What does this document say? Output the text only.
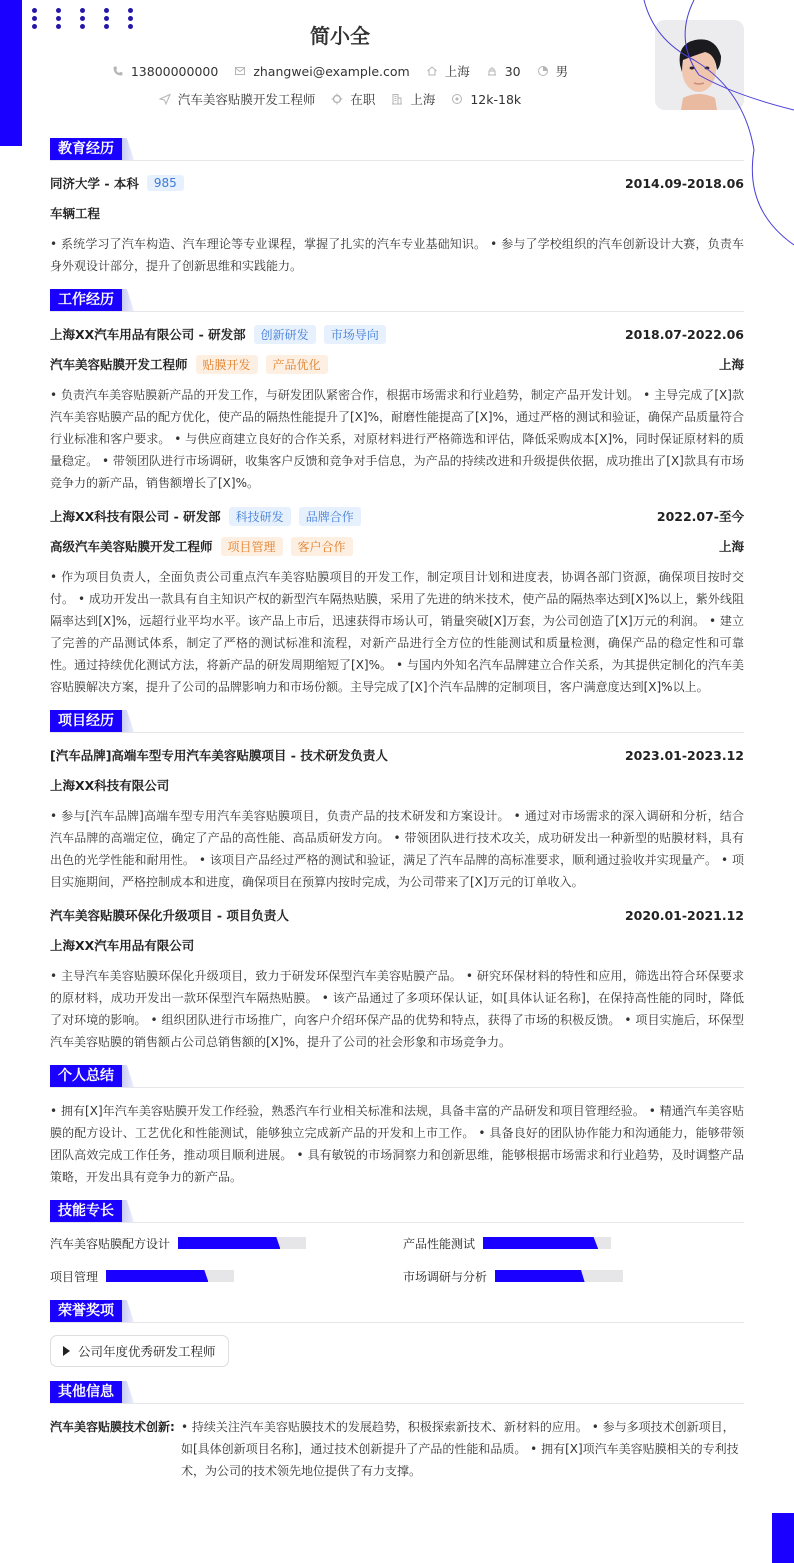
简小全
13800000000	zhangwei@example.com	上海	30	男
汽车美容贴膜开发工程师	在职	上海	12k-18k
教育经历
同济大学 - 本科	985	2014.09-2018.06
车辆工程
• 系统学习了汽车构造、汽车理论等专业课程，掌握了扎实的汽车专业基础知识。 • 参与了学校组织的汽车创新设计大赛，负责车身外观设计部分，提升了创新思维和实践能力。
工作经历
上海XX汽车用品有限公司 - 研发部	创新研发	市场导向	2018.07-2022.06
汽车美容贴膜开发工程师	贴膜开发	产品优化	上海
• 负责汽车美容贴膜新产品的开发工作，与研发团队紧密合作，根据市场需求和行业趋势，制定产品开发计划。 • 主导完成了[X]款汽车美容贴膜产品的配方优化，使产品的隔热性能提升了[X]%，耐磨性能提高了[X]%，通过严格的测试和验证，确保产品质量符合行业标准和客户要求。 • 与供应商建立良好的合作关系，对原材料进行严格筛选和评估，降低采购成本[X]%，同时保证原材料的质量稳定。 • 带领团队进行市场调研，收集客户反馈和竞争对手信息，为产品的持续改进和升级提供依据，成功推出了[X]款具有市场竞争力的新产品，销售额增长了[X]%。
上海XX科技有限公司 - 研发部	科技研发	品牌合作	2022.07-至今
高级汽车美容贴膜开发工程师	项目管理	客户合作	上海
• 作为项目负责人，全面负责公司重点汽车美容贴膜项目的开发工作，制定项目计划和进度表，协调各部门资源，确保项目按时交付。 • 成功开发出一款具有自主知识产权的新型汽车隔热贴膜，采用了先进的纳米技术，使产品的隔热率达到[X]%以上，紫外线阻隔率达到[X]%，远超行业平均水平。该产品上市后，迅速获得市场认可，销量突破[X]万套，为公司创造了[X]万元的利润。 • 建立了完善的产品测试体系，制定了严格的测试标准和流程，对新产品进行全方位的性能测试和质量检测，确保产品的稳定性和可靠性。通过持续优化测试方法，将新产品的研发周期缩短了[X]%。 • 与国内外知名汽车品牌建立合作关系，为其提供定制化的汽车美容贴膜解决方案，提升了公司的品牌影响力和市场份额。主导完成了[X]个汽车品牌的定制项目，客户满意度达到[X]%以上。
项目经历
[汽车品牌]高端车型专用汽车美容贴膜项目 - 技术研发负责人	2023.01-2023.12
上海XX科技有限公司
• 参与[汽车品牌]高端车型专用汽车美容贴膜项目，负责产品的技术研发和方案设计。 • 通过对市场需求的深入调研和分析，结合汽车品牌的高端定位，确定了产品的高性能、高品质研发方向。 • 带领团队进行技术攻关，成功研发出一种新型的贴膜材料，具有出色的光学性能和耐用性。 • 该项目产品经过严格的测试和验证，满足了汽车品牌的高标准要求，顺利通过验收并实现量产。 • 项目实施期间，严格控制成本和进度，确保项目在预算内按时完成，为公司带来了[X]万元的订单收入。
汽车美容贴膜环保化升级项目 - 项目负责人	2020.01-2021.12
上海XX汽车用品有限公司
• 主导汽车美容贴膜环保化升级项目，致力于研发环保型汽车美容贴膜产品。 • 研究环保材料的特性和应用，筛选出符合环保要求的原材料，成功开发出一款环保型汽车隔热贴膜。 • 该产品通过了多项环保认证，如[具体认证名称]，在保持高性能的同时，降低了对环境的影响。 • 组织团队进行市场推广，向客户介绍环保产品的优势和特点，获得了市场的积极反馈。 • 项目实施后，环保型汽车美容贴膜的销售额占公司总销售额的[X]%，提升了公司的社会形象和市场竞争力。
个人总结
• 拥有[X]年汽车美容贴膜开发工作经验，熟悉汽车行业相关标准和法规，具备丰富的产品研发和项目管理经验。 • 精通汽车美容贴膜的配方设计、工艺优化和性能测试，能够独立完成新产品的开发和上市工作。 • 具备良好的团队协作能力和沟通能力，能够带领团队高效完成工作任务，推动项目顺利进展。 • 具有敏锐的市场洞察力和创新思维，能够根据市场需求和行业趋势，及时调整产品策略，开发出具有竞争力的新产品。
技能专长
汽车美容贴膜配方设计	产品性能测试
项目管理	市场调研与分析
荣誉奖项
公司年度优秀研发工程师
其他信息
汽车美容贴膜技术创新: • 持续关注汽车美容贴膜技术的发展趋势，积极探索新技术、新材料的应用。 • 参与多项技术创新项目，如[具体创新项目名称]，通过技术创新提升了产品的性能和品质。 • 拥有[X]项汽车美容贴膜相关的专利技术，为公司的技术领先地位提供了有力支撑。
